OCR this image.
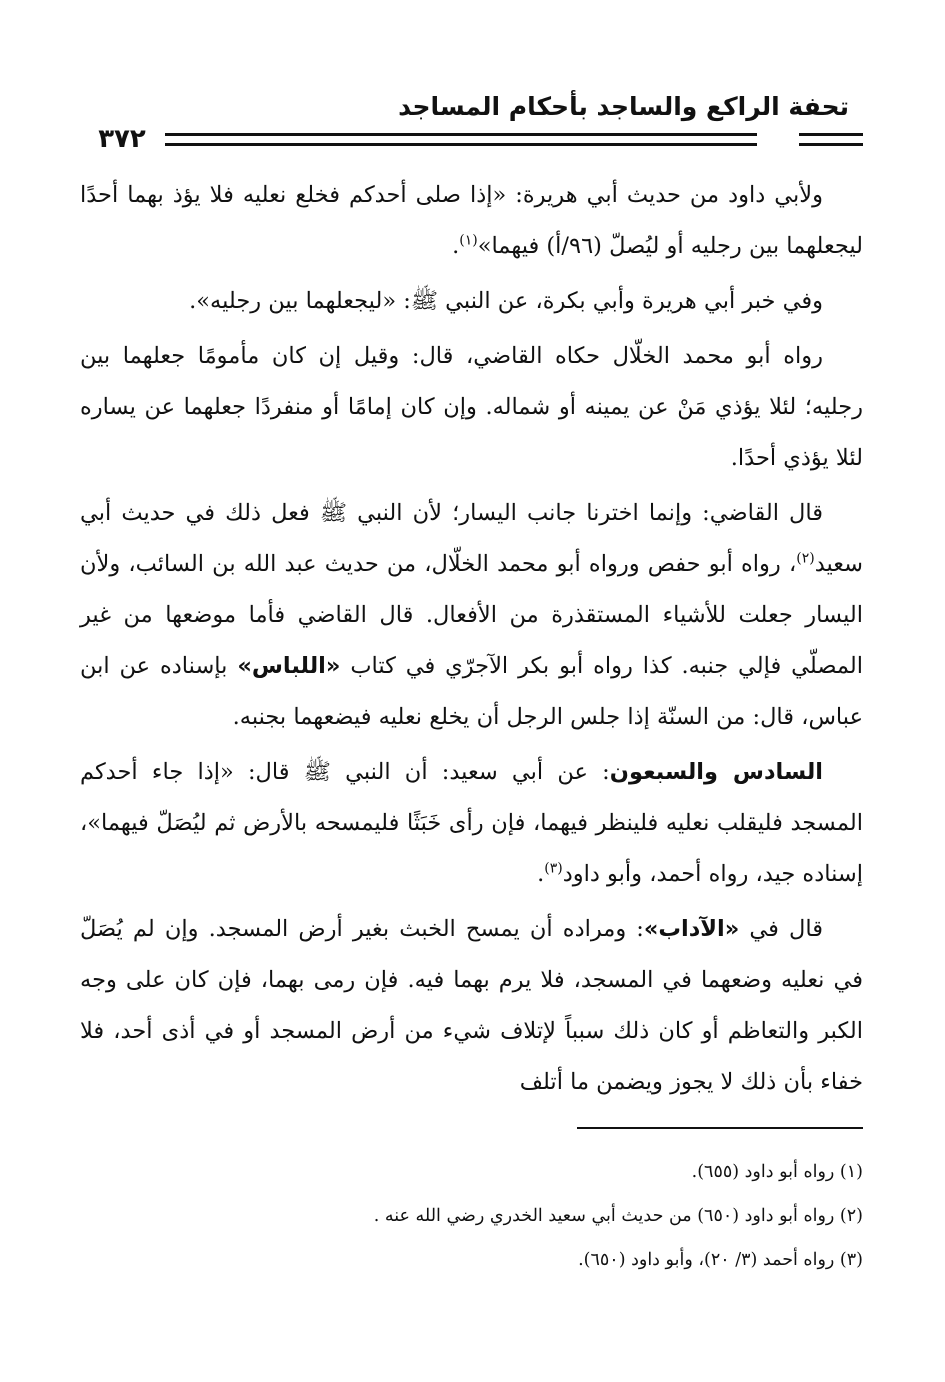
تحفة الراكع والساجد بأحكام المساجد
٣٧٢

ولأبي داود من حديث أبي هريرة: «إذا صلى أحدكم فخلع نعليه فلا يؤذ بهما أحدًا ليجعلهما بين رجليه أو ليُصلّ (٩٦/أ) فيهما»$^{(١)}$.

وفي خبر أبي هريرة وأبي بكرة، عن النبي ﷺ: «ليجعلهما بين رجليه».

رواه أبو محمد الخلّال حكاه القاضي، قال: وقيل إن كان مأمومًا جعلهما بين رجليه؛ لئلا يؤذي مَنْ عن يمينه أو شماله. وإن كان إمامًا أو منفردًا جعلهما عن يساره لئلا يؤذي أحدًا.

قال القاضي: وإنما اخترنا جانب اليسار؛ لأن النبي ﷺ فعل ذلك في حديث أبي سعيد$^{(٢)}$، رواه أبو حفص ورواه أبو محمد الخلّال، من حديث عبد الله بن السائب، ولأن اليسار جعلت للأشياء المستقذرة من الأفعال. قال القاضي فأما موضعها من غير المصلّي فإلي جنبه. كذا رواه أبو بكر الآجرّي في كتاب «اللباس» بإسناده عن ابن عباس، قال: من السنّة إذا جلس الرجل أن يخلع نعليه فيضعهما بجنبه.

السادس والسبعون: عن أبي سعيد: أن النبي ﷺ قال: «إذا جاء أحدكم المسجد فليقلب نعليه فلينظر فيهما، فإن رأى خَبَثًا فليمسحه بالأرض ثم ليُصَلّ فيهما»، إسناده جيد، رواه أحمد، وأبو داود$^{(٣)}$.

قال في «الآداب»: ومراده أن يمسح الخبث بغير أرض المسجد. وإن لم يُصَلّ في نعليه وضعهما في المسجد، فلا يرم بهما فيه. فإن رمى بهما، فإن كان على وجه الكبر والتعاظم أو كان ذلك سبباً لإتلاف شيء من أرض المسجد أو في أذى أحد، فلا خفاء بأن ذلك لا يجوز ويضمن ما أتلف

(١) رواه أبو داود (٦٥٥).

(٢) رواه أبو داود (٦٥٠) من حديث أبي سعيد الخدري رضي الله عنه .

(٣) رواه أحمد (٣/ ٢٠)، وأبو داود (٦٥٠).
